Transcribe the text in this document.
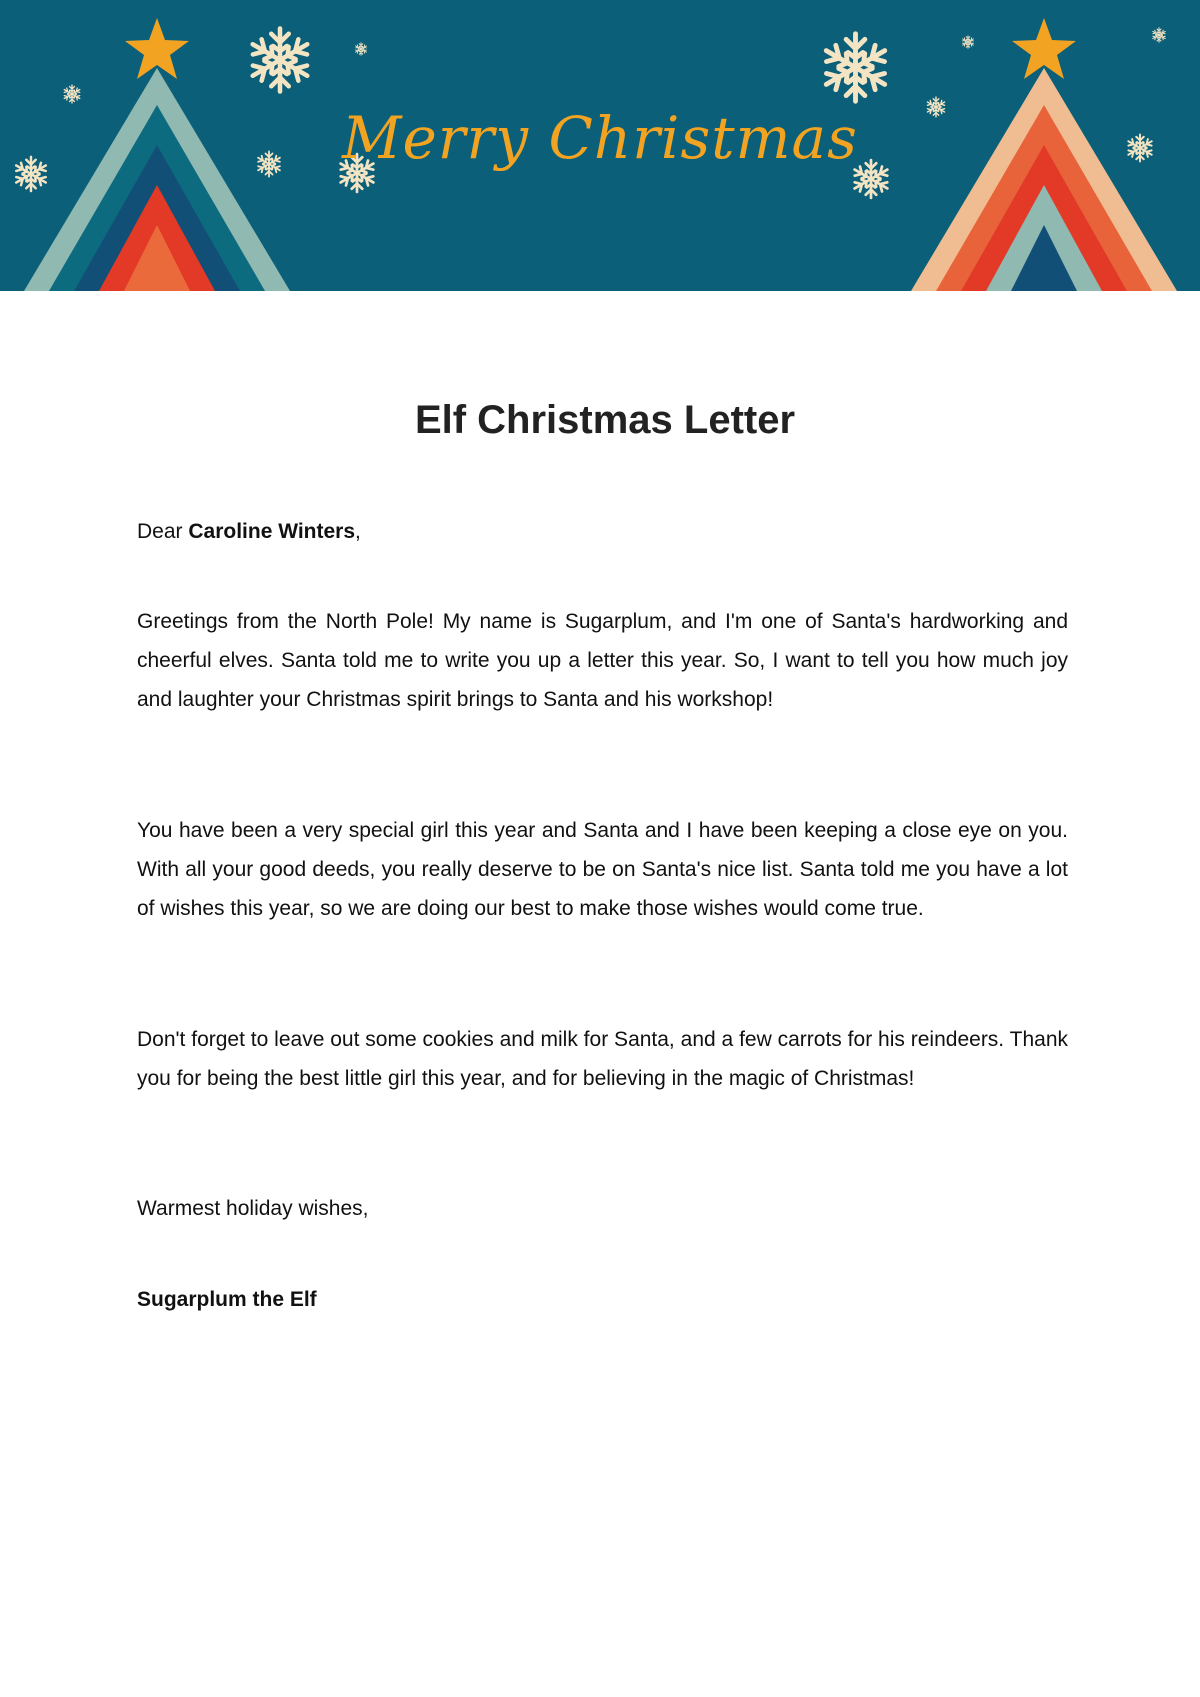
Merry Christmas
Elf Christmas Letter
Dear Caroline Winters,

Greetings from the North Pole! My name is Sugarplum, and I'm one of Santa's hardworking and cheerful elves. Santa told me to write you up a letter this year. So, I want to tell you how much joy and laughter your Christmas spirit brings to Santa and his workshop!

You have been a very special girl this year and Santa and I have been keeping a close eye on you. With all your good deeds, you really deserve to be on Santa's nice list. Santa told me you have a lot of wishes this year, so we are doing our best to make those wishes would come true.

Don't forget to leave out some cookies and milk for Santa, and a few carrots for his reindeers. Thank you for being the best little girl this year, and for believing in the magic of Christmas!

Warmest holiday wishes,

Sugarplum the Elf
